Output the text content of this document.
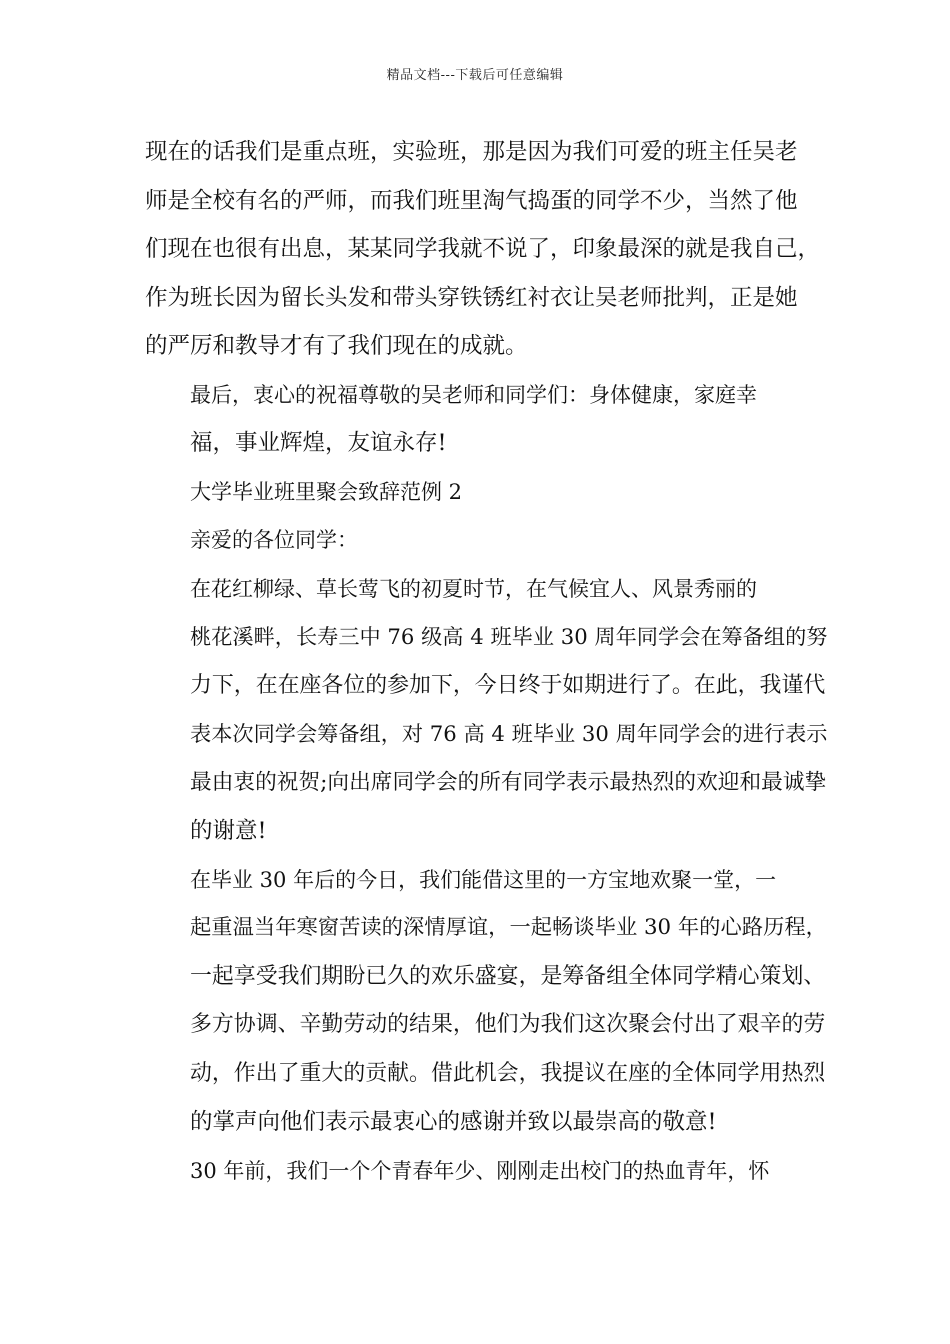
精品文档---下载后可任意编辑
现在的话我们是重点班，实验班，那是因为我们可爱的班主任吴老
师是全校有名的严师，而我们班里淘气捣蛋的同学不少，当然了他
们现在也很有出息，某某同学我就不说了，印象最深的就是我自己，
作为班长因为留长头发和带头穿铁锈红衬衣让吴老师批判，正是她
的严厉和教导才有了我们现在的成就。
最后，衷心的祝福尊敬的吴老师和同学们：身体健康，家庭幸
福，事业辉煌，友谊永存!
大学毕业班里聚会致辞范例 2
亲爱的各位同学：
在花红柳绿、草长莺飞的初夏时节，在气候宜人、风景秀丽的
桃花溪畔，长寿三中 76 级高 4 班毕业 30 周年同学会在筹备组的努
力下，在在座各位的参加下，今日终于如期进行了。在此，我谨代
表本次同学会筹备组，对 76 高 4 班毕业 30 周年同学会的进行表示
最由衷的祝贺;向出席同学会的所有同学表示最热烈的欢迎和最诚挚
的谢意!
在毕业 30 年后的今日，我们能借这里的一方宝地欢聚一堂，一
起重温当年寒窗苦读的深情厚谊，一起畅谈毕业 30 年的心路历程，
一起享受我们期盼已久的欢乐盛宴，是筹备组全体同学精心策划、
多方协调、辛勤劳动的结果，他们为我们这次聚会付出了艰辛的劳
动，作出了重大的贡献。借此机会，我提议在座的全体同学用热烈
的掌声向他们表示最衷心的感谢并致以最崇高的敬意!
30 年前，我们一个个青春年少、刚刚走出校门的热血青年，怀
